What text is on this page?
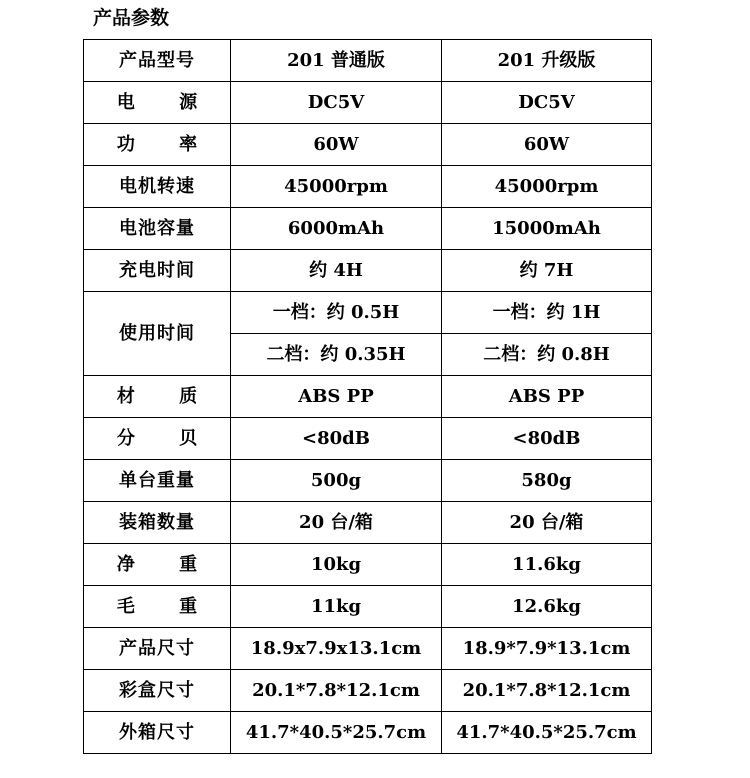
产品参数
产品型号	201 普通版	201 升级版
电 源	DC5V	DC5V
功 率	60W	60W
电机转速	45000rpm	45000rpm
电池容量	6000mAh	15000mAh
充电时间	约 4H	约 7H
使用时间	一档：约 0.5H	一档：约 1H
	二档：约 0.35H	二档：约 0.8H
材 质	ABS PP	ABS PP
分 贝	<80dB	<80dB
单台重量	500g	580g
装箱数量	20 台/箱	20 台/箱
净 重	10kg	11.6kg
毛 重	11kg	12.6kg
产品尺寸	18.9x7.9x13.1cm	18.9*7.9*13.1cm
彩盒尺寸	20.1*7.8*12.1cm	20.1*7.8*12.1cm
外箱尺寸	41.7*40.5*25.7cm	41.7*40.5*25.7cm
